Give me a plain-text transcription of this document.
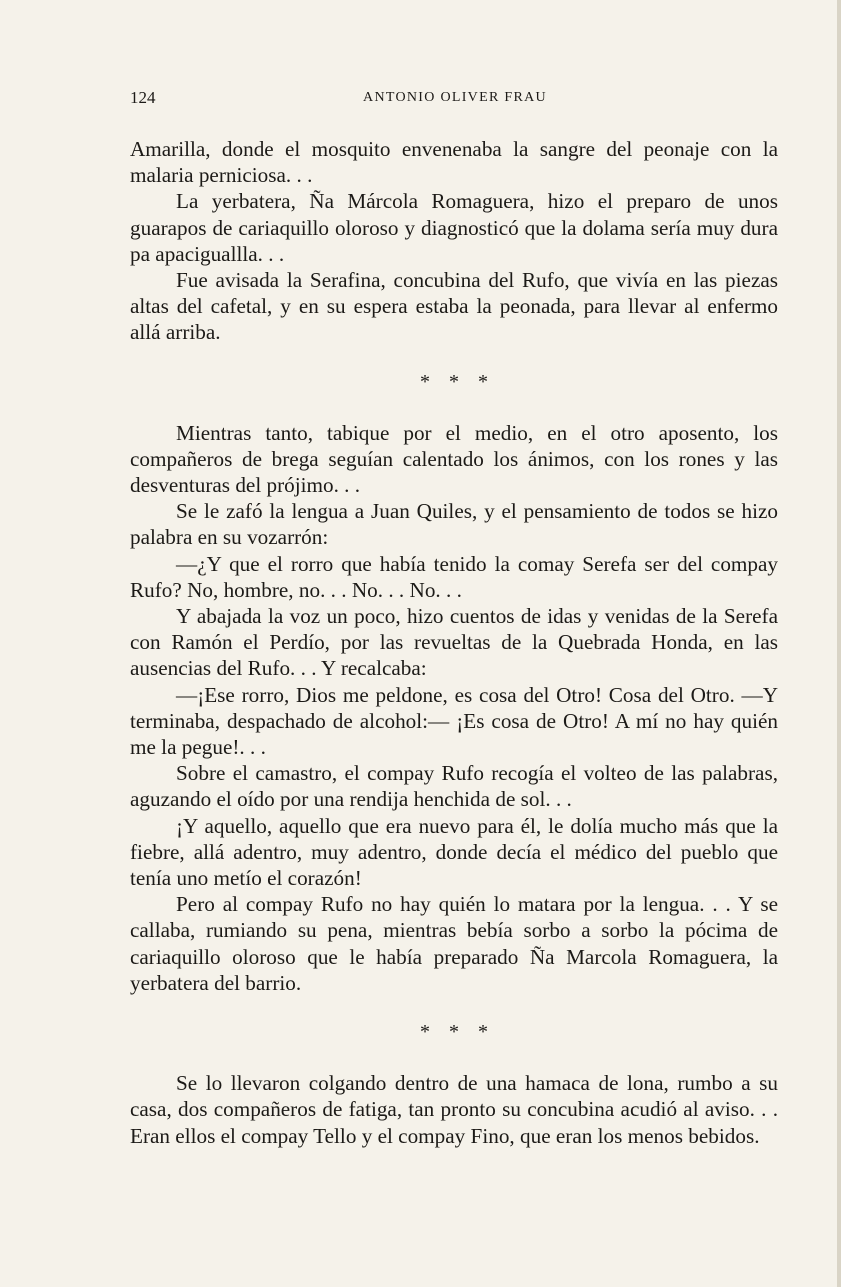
124	ANTONIO OLIVER FRAU

Amarilla, donde el mosquito envenenaba la sangre del peonaje con la malaria perniciosa. . .

La yerbatera, Ña Márcola Romaguera, hizo el preparo de unos guarapos de cariaquillo oloroso y diagnosticó que la dolama sería muy dura pa apaciguallla. . .

Fue avisada la Serafina, concubina del Rufo, que vivía en las piezas altas del cafetal, y en su espera estaba la peonada, para llevar al enfermo allá arriba.

* * *

Mientras tanto, tabique por el medio, en el otro aposento, los compañeros de brega seguían calentado los ánimos, con los rones y las desventuras del prójimo. . .

Se le zafó la lengua a Juan Quiles, y el pensamiento de todos se hizo palabra en su vozarrón:

—¿Y que el rorro que había tenido la comay Serefa ser del compay Rufo? No, hombre, no. . . No. . . No. . .

Y abajada la voz un poco, hizo cuentos de idas y venidas de la Serefa con Ramón el Perdío, por las revueltas de la Quebrada Honda, en las ausencias del Rufo. . . Y recalcaba:

—¡Ese rorro, Dios me peldone, es cosa del Otro! Cosa del Otro. —Y terminaba, despachado de alcohol:— ¡Es cosa de Otro! A mí no hay quién me la pegue!. . .

Sobre el camastro, el compay Rufo recogía el volteo de las palabras, aguzando el oído por una rendija henchida de sol. . .

¡Y aquello, aquello que era nuevo para él, le dolía mucho más que la fiebre, allá adentro, muy adentro, donde decía el médico del pueblo que tenía uno metío el corazón!

Pero al compay Rufo no hay quién lo matara por la lengua. . . Y se callaba, rumiando su pena, mientras bebía sorbo a sorbo la pócima de cariaquillo oloroso que le había preparado Ña Marcola Romaguera, la yerbatera del barrio.

* * *

Se lo llevaron colgando dentro de una hamaca de lona, rumbo a su casa, dos compañeros de fatiga, tan pronto su concubina acudió al aviso. . . Eran ellos el compay Tello y el compay Fino, que eran los menos bebidos.
